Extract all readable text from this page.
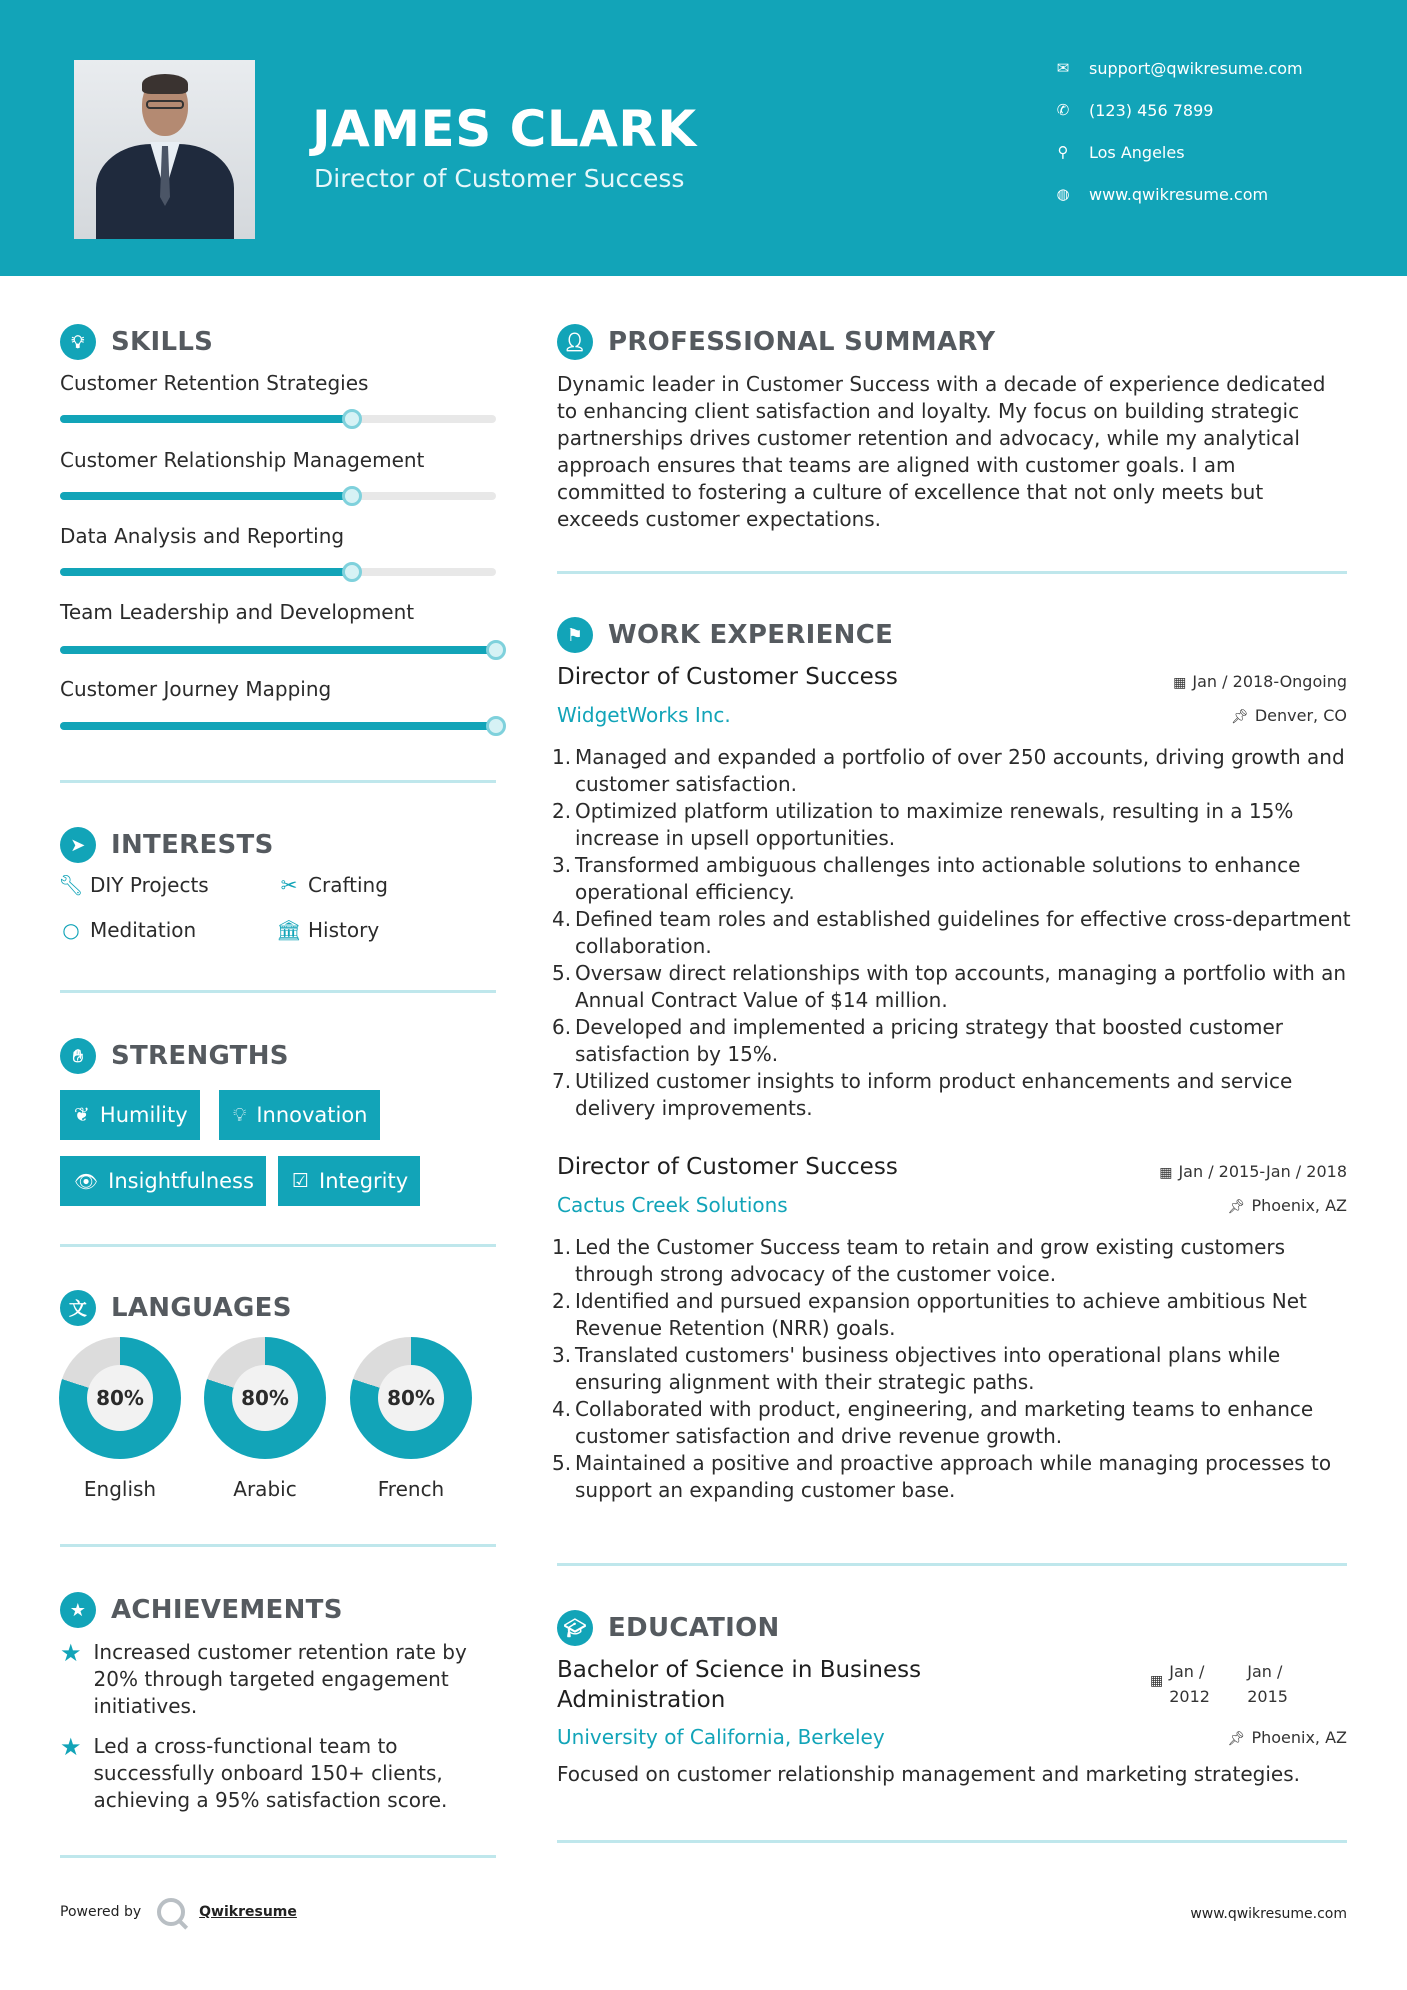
JAMES CLARK
Director of Customer Success
✉ support@qwikresume.com
✆ (123) 456 7899
⚲ Los Angeles
◍ www.qwikresume.com
💡︎	SKILLS
Customer Retention Strategies
Customer Relationship Management
Data Analysis and Reporting
Team Leadership and Development
Customer Journey Mapping
➤ INTERESTS
🔧︎ DIY Projects	✂ Crafting
○ Meditation	🏛︎ History
✋︎	STRENGTHS
❦ Humility 💡︎ Innovation
👁︎ Insightfulness ☑ Integrity
文 LANGUAGES
80%
English
80%
Arabic
80%
French
★ ACHIEVEMENTS
★ Increased customer retention rate by 20% through targeted engagement initiatives.
★ Led a cross-functional team to successfully onboard 150+ clients, achieving a 95% satisfaction score.
👤︎ PROFESSIONAL SUMMARY
Dynamic leader in Customer Success with a decade of experience dedicated to enhancing client satisfaction and loyalty. My focus on building strategic partnerships drives customer retention and advocacy, while my analytical approach ensures that teams are aligned with customer goals. I am committed to fostering a culture of excellence that not only meets but exceeds customer expectations.
⚑ WORK EXPERIENCE
Director of Customer Success	▦ Jan / 2018-Ongoing
WidgetWorks Inc.	📌︎ Denver, CO
1. Managed and expanded a portfolio of over 250 accounts, driving growth and customer satisfaction.
2. Optimized platform utilization to maximize renewals, resulting in a 15% increase in upsell opportunities.
3. Transformed ambiguous challenges into actionable solutions to enhance operational efficiency.
4. Defined team roles and established guidelines for effective cross-department collaboration.
5. Oversaw direct relationships with top accounts, managing a portfolio with an Annual Contract Value of $14 million.
6. Developed and implemented a pricing strategy that boosted customer satisfaction by 15%.
7. Utilized customer insights to inform product enhancements and service delivery improvements.
Director of Customer Success	▦ Jan / 2015-Jan / 2018
Cactus Creek Solutions	📌︎ Phoenix, AZ
1. Led the Customer Success team to retain and grow existing customers through strong advocacy of the customer voice.
2. Identified and pursued expansion opportunities to achieve ambitious Net Revenue Retention (NRR) goals.
3. Translated customers' business objectives into operational plans while ensuring alignment with their strategic paths.
4. Collaborated with product, engineering, and marketing teams to enhance customer satisfaction and drive revenue growth.
5. Maintained a positive and proactive approach while managing processes to support an expanding customer base.
🎓︎ EDUCATION
Bachelor of Science in Business Administration
▦ Jan / 2012
Jan / 2015
University of California, Berkeley	📌︎ Phoenix, AZ
Focused on customer relationship management and marketing strategies.
Powered by	Qwikresume	www.qwikresume.com
